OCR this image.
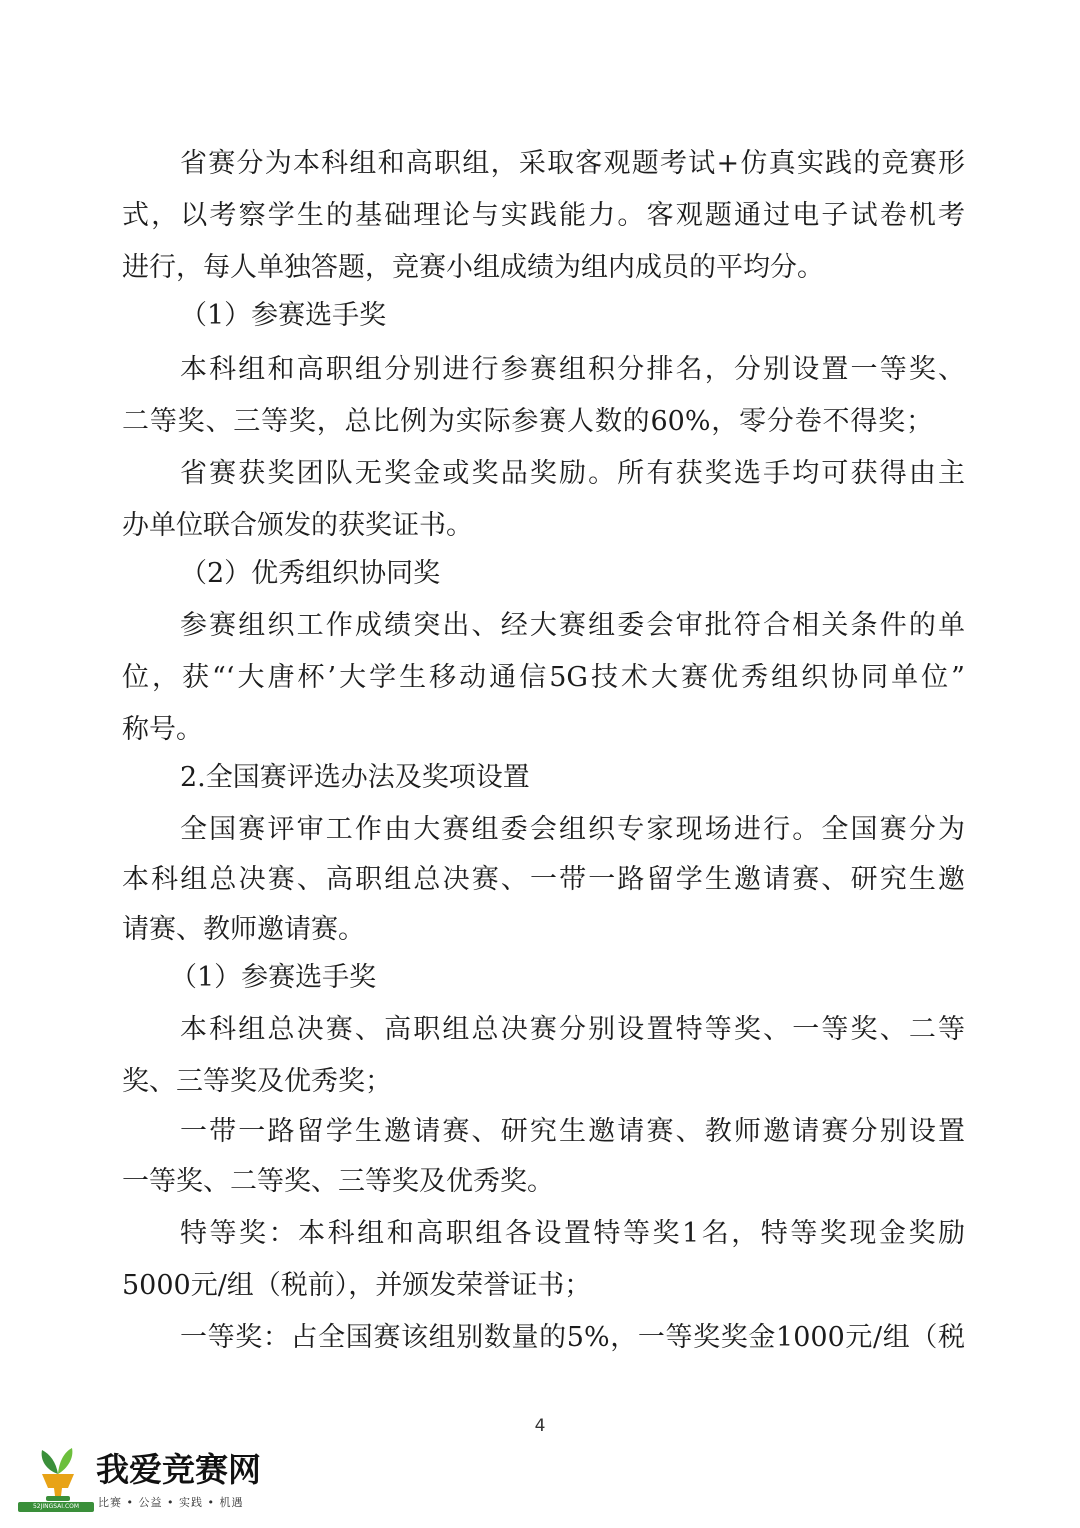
省赛分为本科组和高职组，采取客观题考试+仿真实践的竞赛形

式，以考察学生的基础理论与实践能力。客观题通过电子试卷机考

进行，每人单独答题，竞赛小组成绩为组内成员的平均分。

（1）参赛选手奖

本科组和高职组分别进行参赛组积分排名，分别设置一等奖、

二等奖、三等奖，总比例为实际参赛人数的60%，零分卷不得奖；

省赛获奖团队无奖金或奖品奖励。所有获奖选手均可获得由主

办单位联合颁发的获奖证书。

（2）优秀组织协同奖

参赛组织工作成绩突出、经大赛组委会审批符合相关条件的单

位，获“‘大唐杯’大学生移动通信5G技术大赛优秀组织协同单位”

称号。

2.全国赛评选办法及奖项设置

全国赛评审工作由大赛组委会组织专家现场进行。全国赛分为

本科组总决赛、高职组总决赛、一带一路留学生邀请赛、研究生邀

请赛、教师邀请赛。

（1）参赛选手奖

本科组总决赛、高职组总决赛分别设置特等奖、一等奖、二等

奖、三等奖及优秀奖；

一带一路留学生邀请赛、研究生邀请赛、教师邀请赛分别设置

一等奖、二等奖、三等奖及优秀奖。

特等奖：本科组和高职组各设置特等奖1名，特等奖现金奖励

5000元/组（税前），并颁发荣誉证书；

一等奖：占全国赛该组别数量的5%，一等奖奖金1000元/组（税

4
52JINGSAI.COM
我爱竞赛网
比赛 • 公益 • 实践 • 机遇
